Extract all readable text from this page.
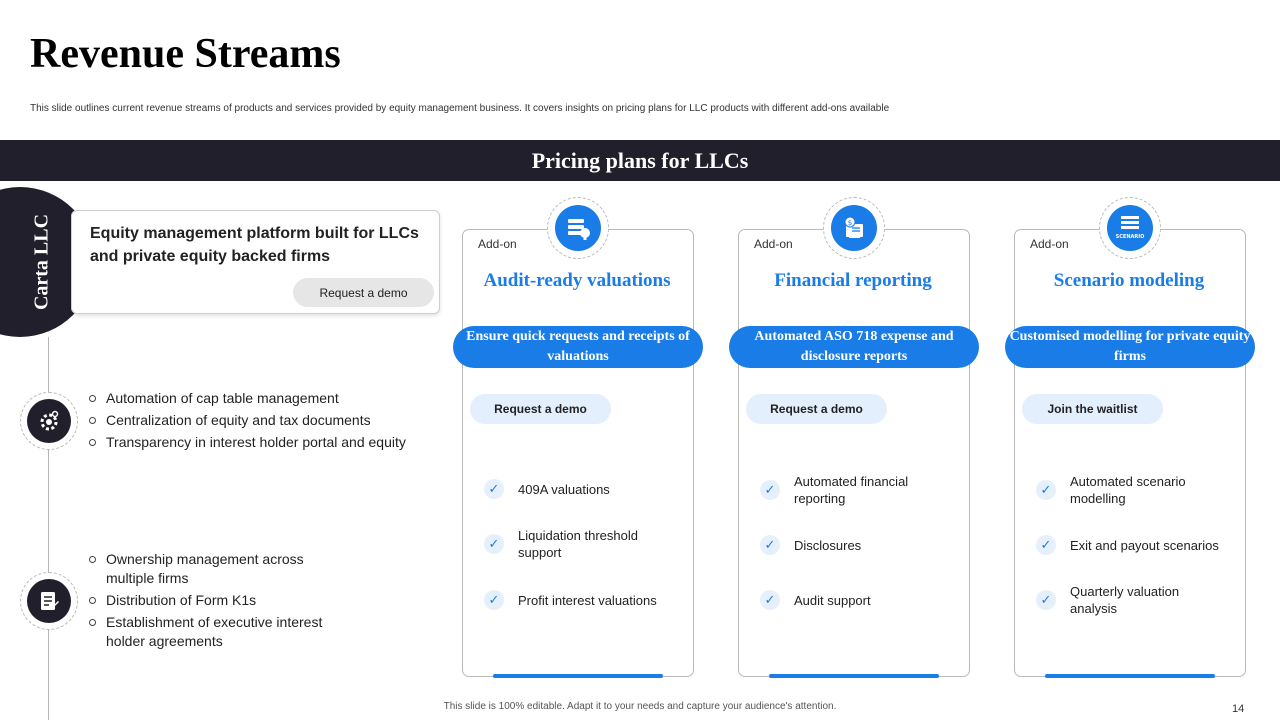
Revenue Streams
This slide outlines current revenue streams of products and services provided by equity management business. It covers insights on pricing plans for LLC products with different add-ons available
Pricing plans for LLCs
Carta LLC Equity management platform built for LLCs and private equity backed firms
Request a demo
Automation of cap table management
Centralization of equity and tax documents
Transparency in interest holder portal and equity
Ownership management across multiple firms
Distribution of Form K1s
Establishment of executive interest holder agreements
Add-on
Audit-ready valuations
Ensure quick requests and receipts of valuations
Request a demo
✓	409A valuations
✓
Liquidation threshold support
✓	Profit interest valuations
Add-on
$
Financial reporting
Automated ASO 718 expense and disclosure reports
Request a demo
✓
Automated financial reporting
✓	Disclosures
✓	Audit support
Add-on	SCENARIO
Scenario modeling
Customised modelling for private equity firms
Join the waitlist
✓
Automated scenario modelling
✓	Exit and payout scenarios
✓
Quarterly valuation analysis
This slide is 100% editable. Adapt it to your needs and capture your audience's attention.	14
